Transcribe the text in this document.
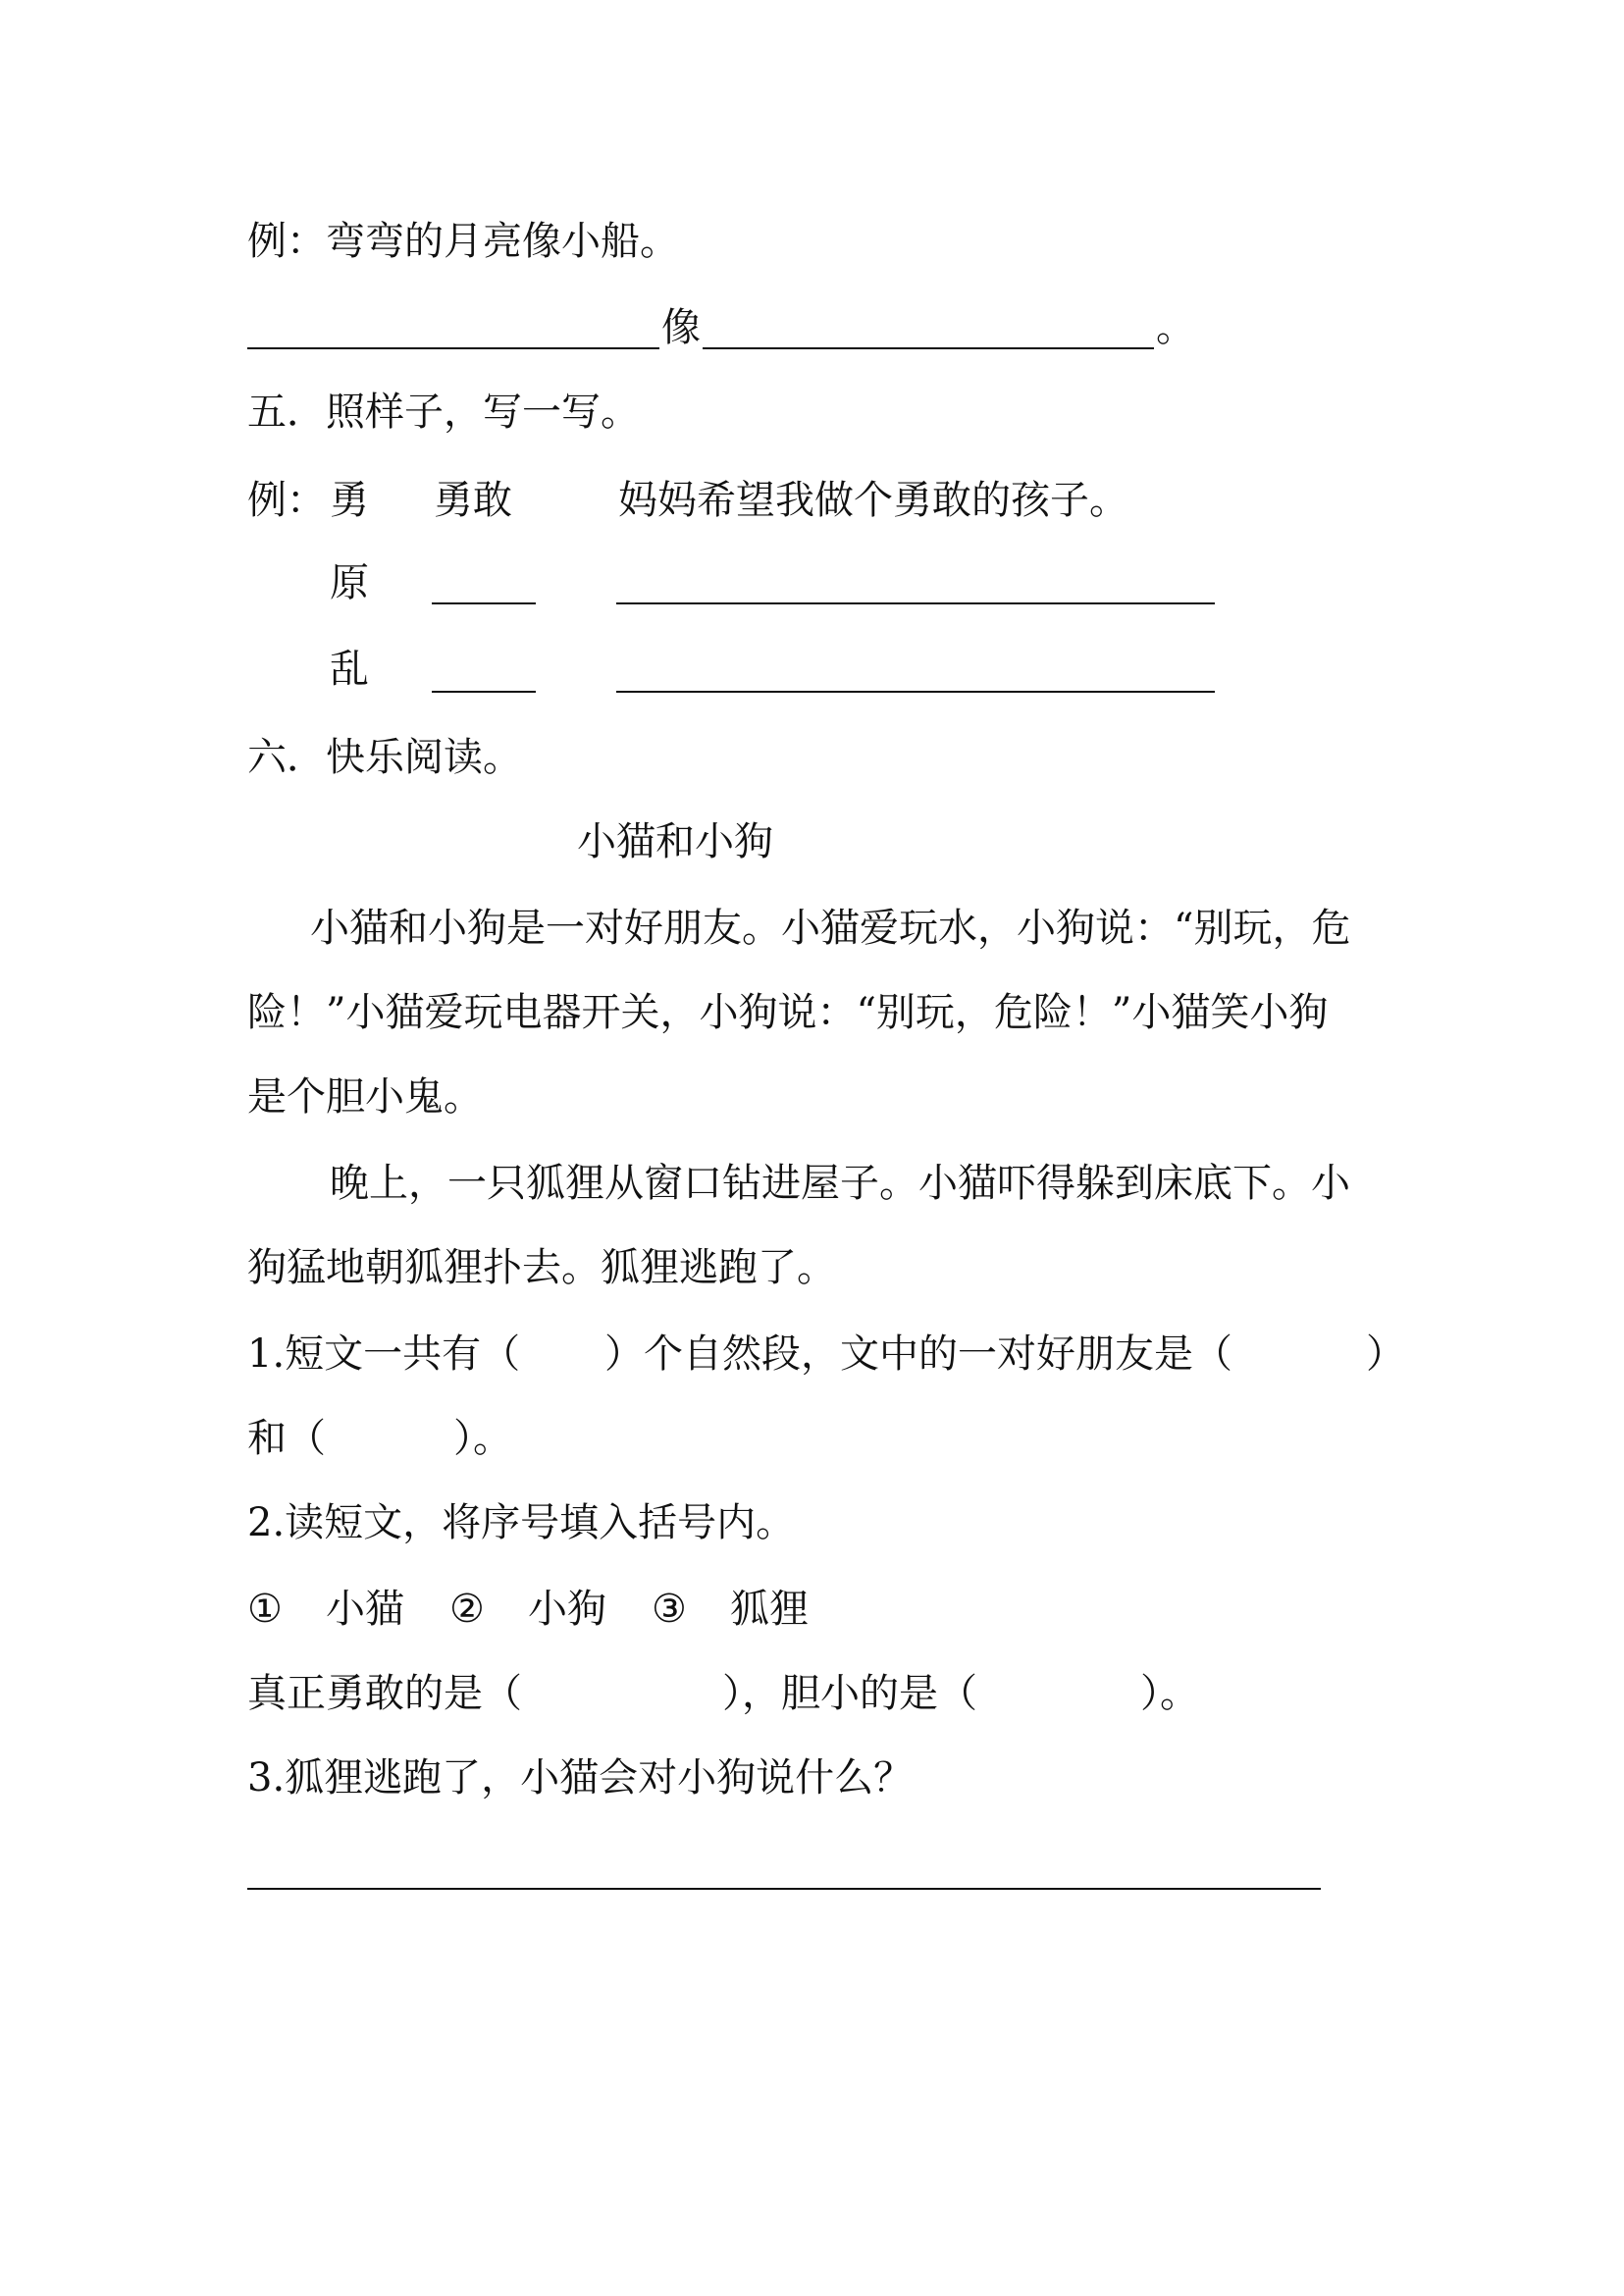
例：弯弯的月亮像小船。
像	。
五．照样子，写一写。
例： 勇 勇敢	妈妈希望我做个勇敢的孩子。
原
乱
六．快乐阅读。
小猫和小狗
小猫和小狗是一对好朋友。小猫爱玩水，小狗说：“别玩，危
险！”小猫爱玩电器开关，小狗说：“别玩，危险！”小猫笑小狗
是个胆小鬼。
晚上，一只狐狸从窗口钻进屋子。小猫吓得躲到床底下。小
狗猛地朝狐狸扑去。狐狸逃跑了。
1.短文一共有（ ）个自然段，文中的一对好朋友是（	）
和（	）。
2.读短文，将序号填入括号内。
① 小猫 ② 小狗 ③ 狐狸
真正勇敢的是（	），胆小的是（	）。
3.狐狸逃跑了，小猫会对小狗说什么？
